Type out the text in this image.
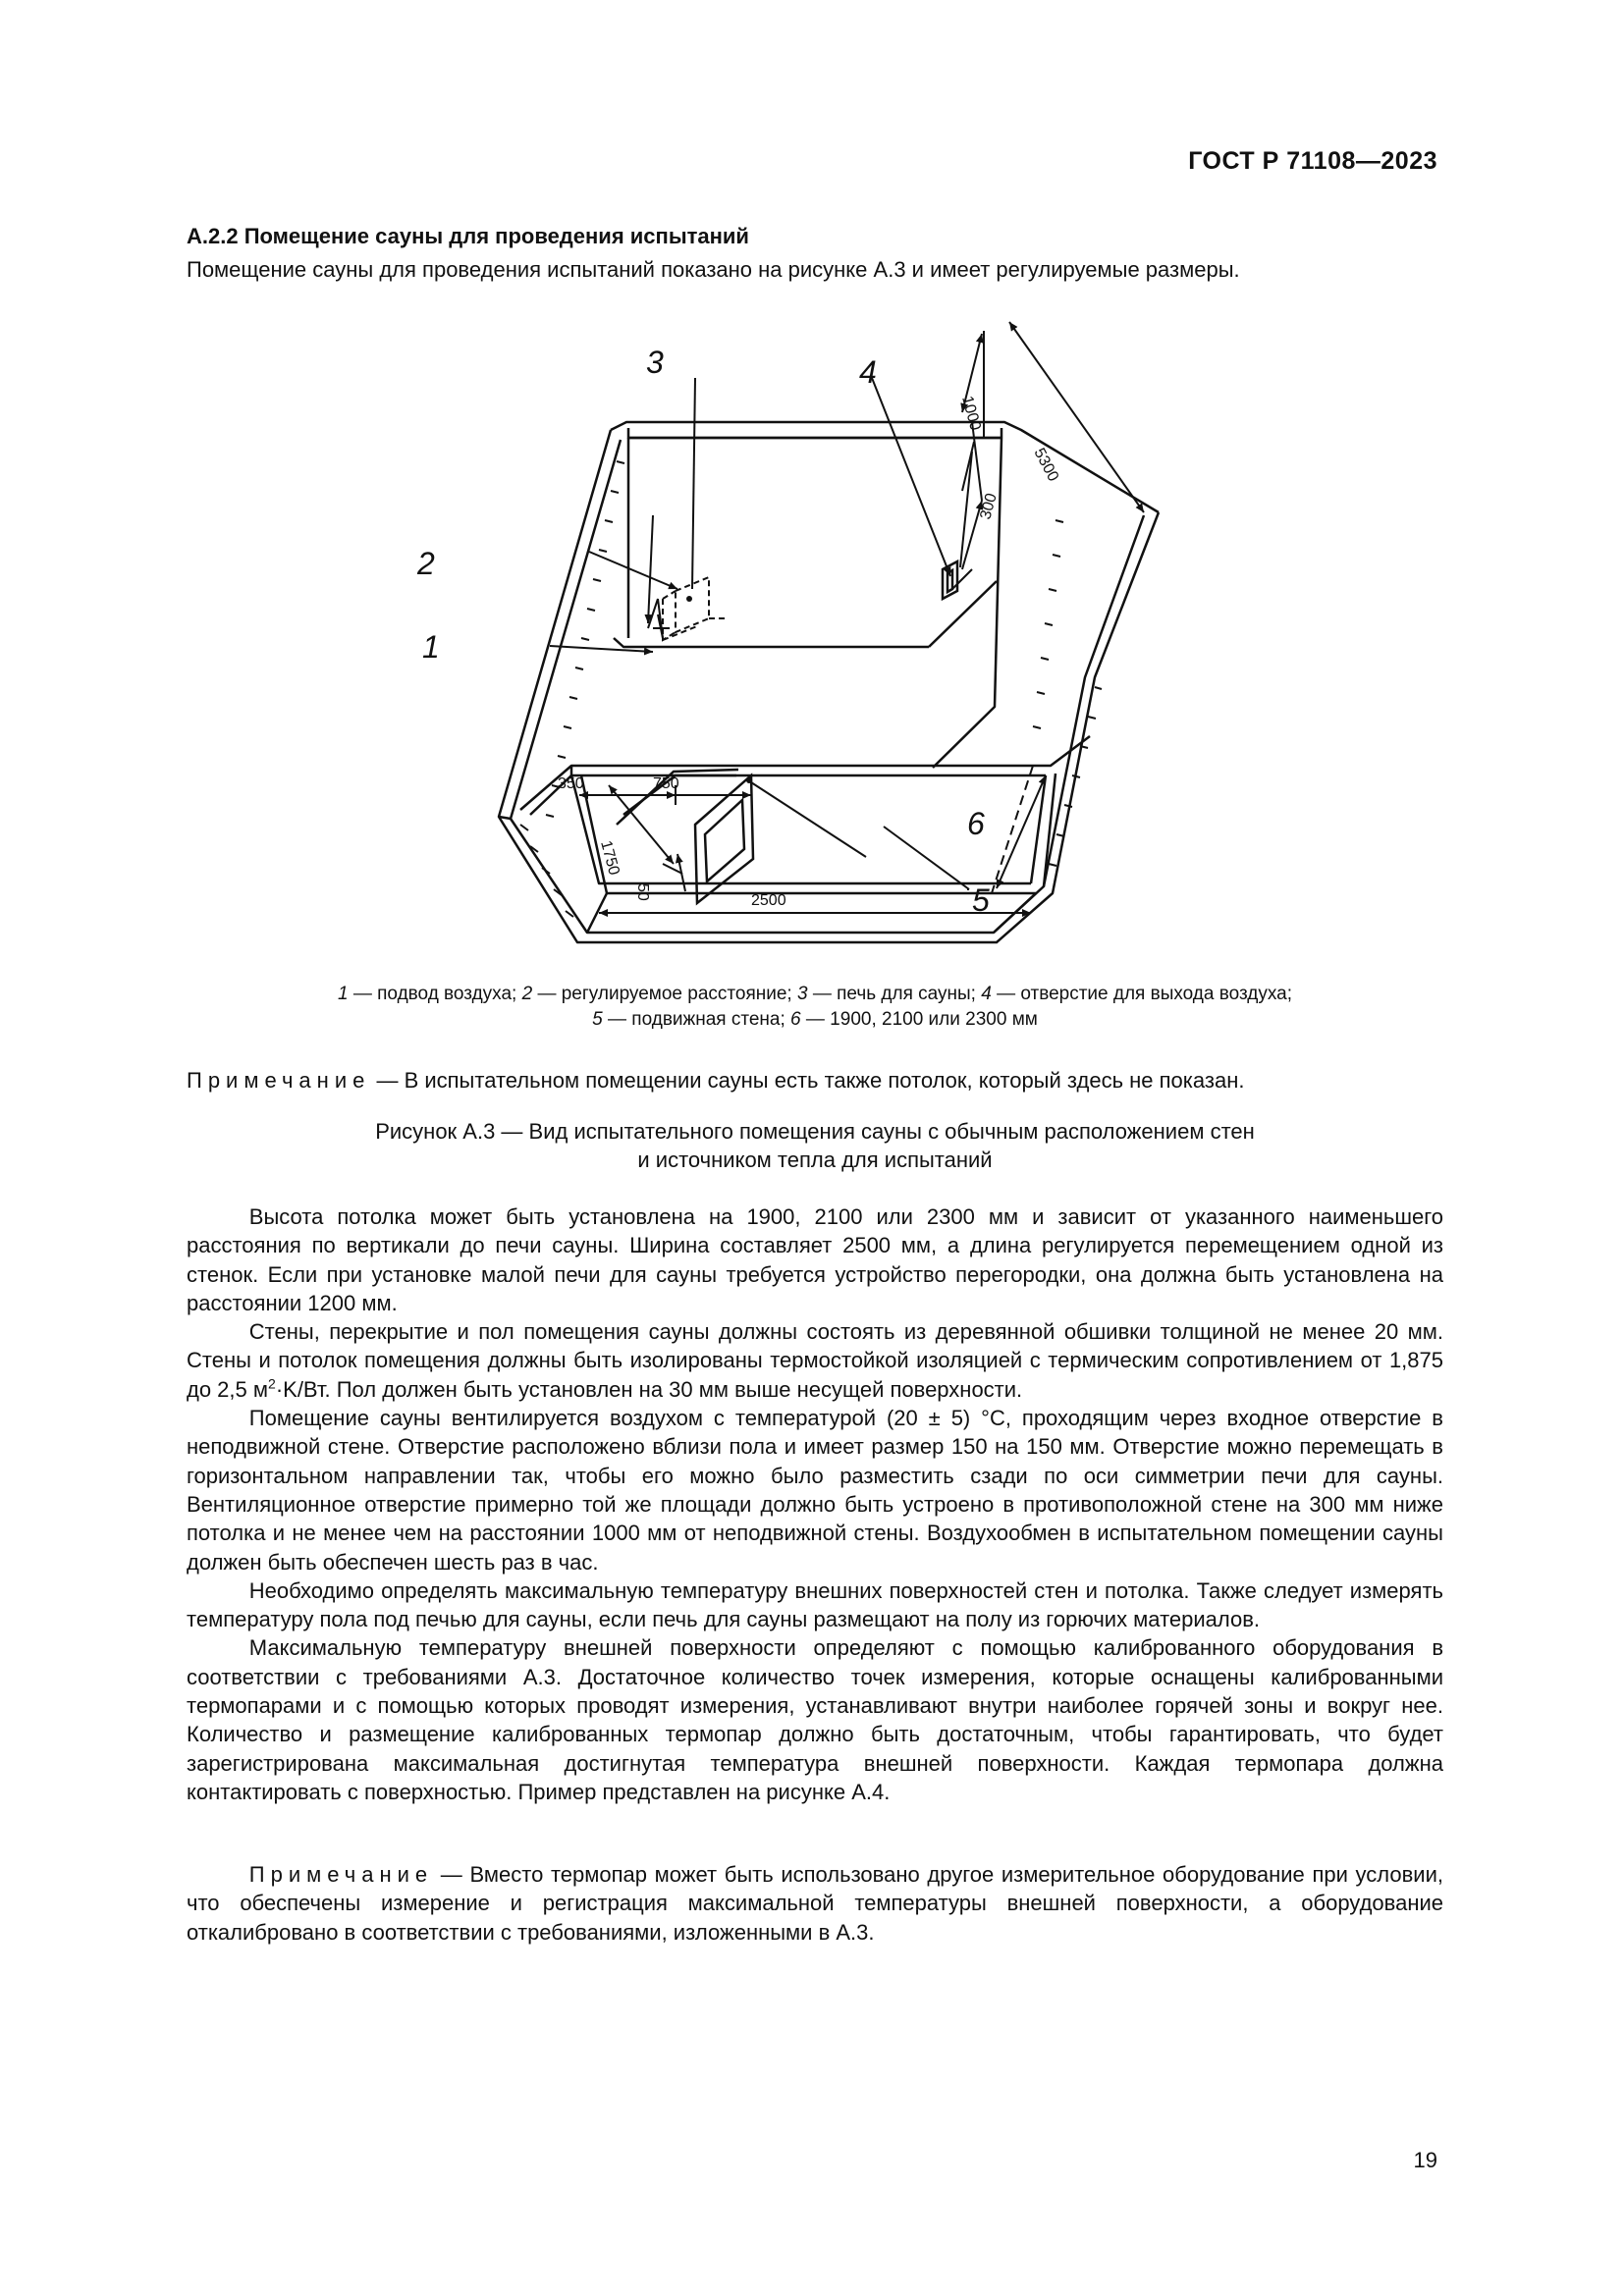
ГОСТ Р 71108—2023
А.2.2 Помещение сауны для проведения испытаний
Помещение сауны для проведения испытаний показано на рисунке А.3 и имеет регулируемые размеры.
1
2
3	4
5
6
1000
5300
300
350	750
1750
50	2500
1 — подвод воздуха; 2 — регулируемое расстояние; 3 — печь для сауны; 4 — отверстие для выхода воздуха;
5 — подвижная стена; 6 — 1900, 2100 или 2300 мм
Примечание — В испытательном помещении сауны есть также потолок, который здесь не показан.
Рисунок А.3 — Вид испытательного помещения сауны с обычным расположением стен
и источником тепла для испытаний

Высота потолка может быть установлена на 1900, 2100 или 2300 мм и зависит от указанного наименьшего расстояния по вертикали до печи сауны. Ширина составляет 2500 мм, а длина регулируется перемещением одной из стенок. Если при установке малой печи для сауны требуется устройство перегородки, она должна быть установлена на расстоянии 1200 мм.

Стены, перекрытие и пол помещения сауны должны состоять из деревянной обшивки толщиной не менее 20 мм. Стены и потолок помещения должны быть изолированы термостойкой изоляцией с термическим сопротивлением от 1,875 до 2,5 $м^2\cdot K/Вт$. Пол должен быть установлен на 30 мм выше несущей поверхности.

Помещение сауны вентилируется воздухом с температурой (20 ± 5) °С, проходящим через входное отверстие в неподвижной стене. Отверстие расположено вблизи пола и имеет размер 150 на 150 мм. Отверстие можно перемещать в горизонтальном направлении так, чтобы его можно было разместить сзади по оси симметрии печи для сауны. Вентиляционное отверстие примерно той же площади должно быть устроено в противоположной стене на 300 мм ниже потолка и не менее чем на расстоянии 1000 мм от неподвижной стены. Воздухообмен в испытательном помещении сауны должен быть обеспечен шесть раз в час.

Необходимо определять максимальную температуру внешних поверхностей стен и потолка. Также следует измерять температуру пола под печью для сауны, если печь для сауны размещают на полу из горючих материалов.

Максимальную температуру внешней поверхности определяют с помощью калиброванного оборудования в соответствии с требованиями А.3. Достаточное количество точек измерения, которые оснащены калиброванными термопарами и с помощью которых проводят измерения, устанавливают внутри наиболее горячей зоны и вокруг нее. Количество и размещение калиброванных термопар должно быть достаточным, чтобы гарантировать, что будет зарегистрирована максимальная достигнутая температура внешней поверхности. Каждая термопара должна контактировать с поверхностью. Пример представлен на рисунке А.4.

Примечание — Вместо термопар может быть использовано другое измерительное оборудование при условии, что обеспечены измерение и регистрация максимальной температуры внешней поверхности, а оборудование откалибровано в соответствии с требованиями, изложенными в А.3.
19
